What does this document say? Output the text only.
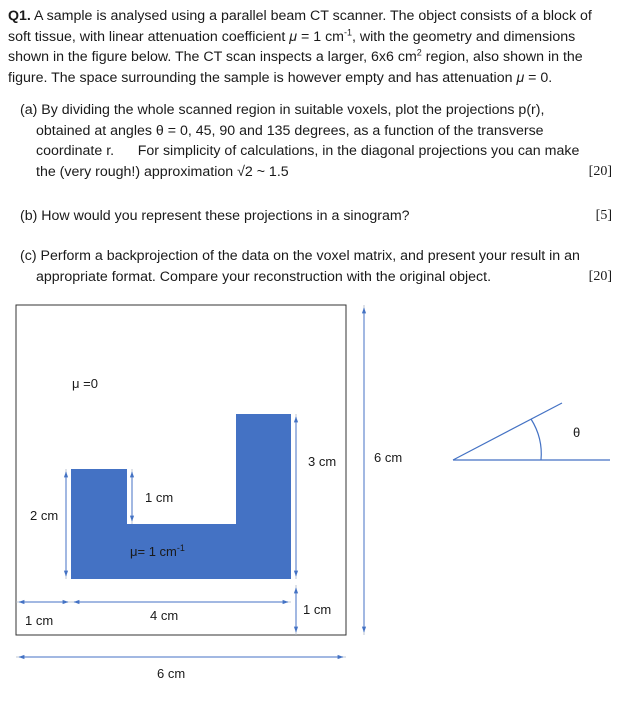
Q1. A sample is analysed using a parallel beam CT scanner. The object consists of a block of soft tissue, with linear attenuation coefficient μ = 1 $cm^{-1}$, with the geometry and dimensions shown in the figure below. The CT scan inspects a larger, 6x6 $cm^2$ region, also shown in the figure. The space surrounding the sample is however empty and has attenuation μ = 0.
(a) By dividing the whole scanned region in suitable voxels, plot the projections p(r),
obtained at angles θ = 0, 45, 90 and 135 degrees, as a function of the transverse
coordinate r.      For simplicity of calculations, in the diagonal projections you can make
the (very rough!) approximation √2 ~ 1.5	[20]
(b) How would you represent these projections in a sinogram?	[5]
(c) Perform a backprojection of the data on the voxel matrix, and present your result in an
appropriate format. Compare your reconstruction with the original object.	[20]
μ =0
2 cm
1 cm
μ= 1 $cm^{-1}$
3 cm	6 cm
1 cm	4 cm	1 cm
6 cm
θ
